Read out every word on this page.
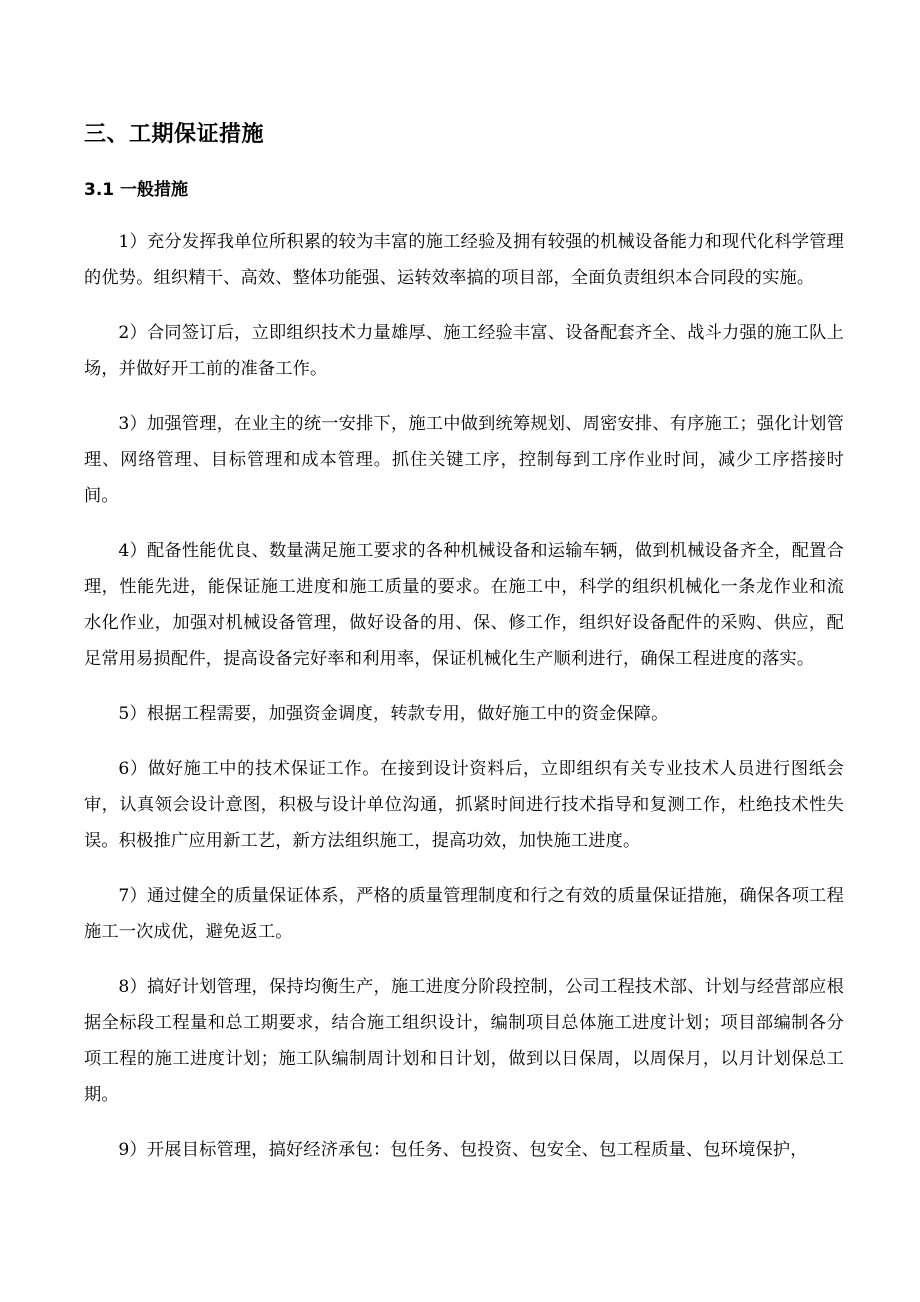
三、工期保证措施
3.1 一般措施

1）充分发挥我单位所积累的较为丰富的施工经验及拥有较强的机械设备能力和现代化科学管理的优势。组织精干、高效、整体功能强、运转效率搞的项目部，全面负责组织本合同段的实施。

2）合同签订后，立即组织技术力量雄厚、施工经验丰富、设备配套齐全、战斗力强的施工队上场，并做好开工前的准备工作。

3）加强管理，在业主的统一安排下，施工中做到统筹规划、周密安排、有序施工；强化计划管理、网络管理、目标管理和成本管理。抓住关键工序，控制每到工序作业时间，减少工序搭接时间。

4）配备性能优良、数量满足施工要求的各种机械设备和运输车辆，做到机械设备齐全，配置合理，性能先进，能保证施工进度和施工质量的要求。在施工中，科学的组织机械化一条龙作业和流水化作业，加强对机械设备管理，做好设备的用、保、修工作，组织好设备配件的采购、供应，配足常用易损配件，提高设备完好率和利用率，保证机械化生产顺利进行，确保工程进度的落实。

5）根据工程需要，加强资金调度，转款专用，做好施工中的资金保障。

6）做好施工中的技术保证工作。在接到设计资料后，立即组织有关专业技术人员进行图纸会审，认真领会设计意图，积极与设计单位沟通，抓紧时间进行技术指导和复测工作，杜绝技术性失误。积极推广应用新工艺，新方法组织施工，提高功效，加快施工进度。

7）通过健全的质量保证体系，严格的质量管理制度和行之有效的质量保证措施，确保各项工程施工一次成优，避免返工。

8）搞好计划管理，保持均衡生产，施工进度分阶段控制，公司工程技术部、计划与经营部应根据全标段工程量和总工期要求，结合施工组织设计，编制项目总体施工进度计划；项目部编制各分项工程的施工进度计划；施工队编制周计划和日计划，做到以日保周，以周保月，以月计划保总工期。

9）开展目标管理，搞好经济承包：包任务、包投资、包安全、包工程质量、包环境保护，
